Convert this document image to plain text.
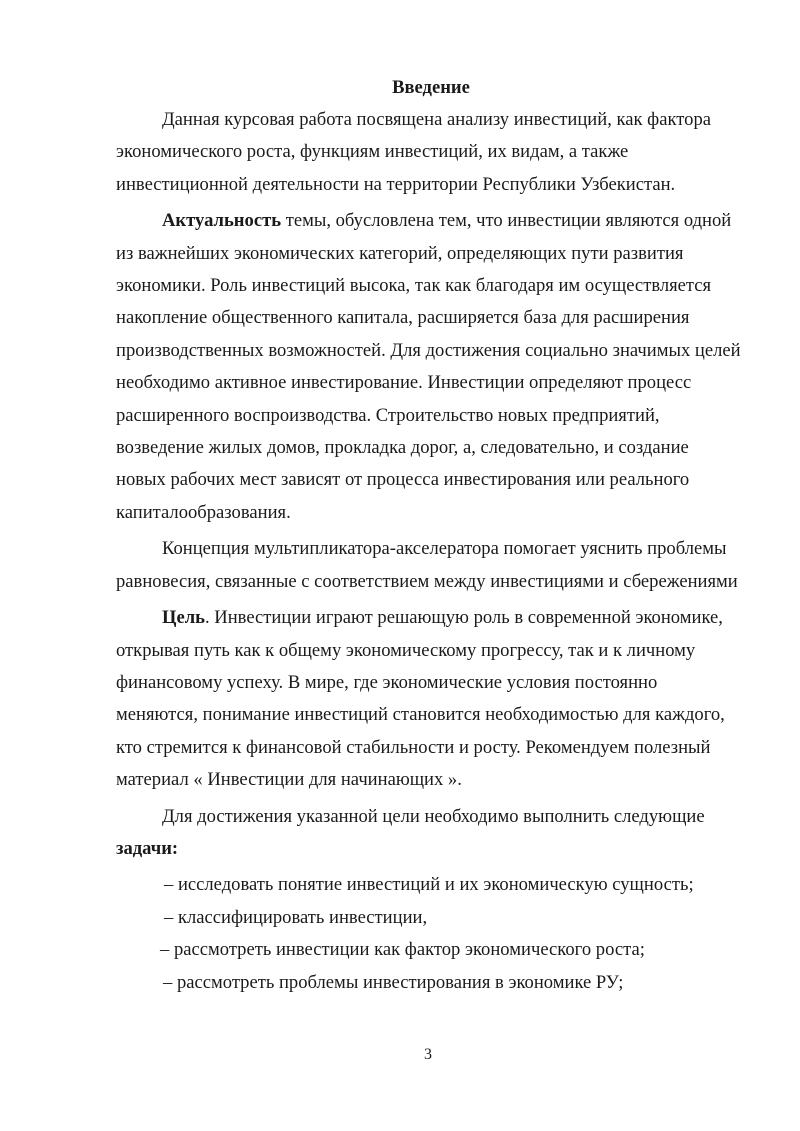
Введение

Данная курсовая работа посвящена анализу инвестиций, как фактора экономического роста, функциям инвестиций, их видам, а также инвестиционной деятельности на территории Республики Узбекистан.

Актуальность темы, обусловлена тем, что инвестиции являются одной из важнейших экономических категорий, определяющих пути развития экономики. Роль инвестиций высока, так как благодаря им осуществляется накопление общественного капитала, расширяется база для расширения производственных возможностей. Для достижения социально значимых целей необходимо активное инвестирование. Инвестиции определяют процесс расширенного воспроизводства. Строительство новых предприятий, возведение жилых домов, прокладка дорог, а, следовательно, и создание новых рабочих мест зависят от процесса инвестирования или реального капиталообразования.

Концепция мультипликатора-акселератора помогает уяснить проблемы равновесия, связанные с соответствием между инвестициями и сбережениями

Цель. Инвестиции играют решающую роль в современной экономике, открывая путь как к общему экономическому прогрессу, так и к личному финансовому успеху. В мире, где экономические условия постоянно меняются, понимание инвестиций становится необходимостью для каждого, кто стремится к финансовой стабильности и росту. Рекомендуем полезный материал « Инвестиции для начинающих ».

Для достижения указанной цели необходимо выполнить следующие

задачи:

– исследовать понятие инвестиций и их экономическую сущность;
– классифицировать инвестиции,
– рассмотреть инвестиции как фактор экономического роста;
– рассмотреть проблемы инвестирования в экономике РУ;
3
